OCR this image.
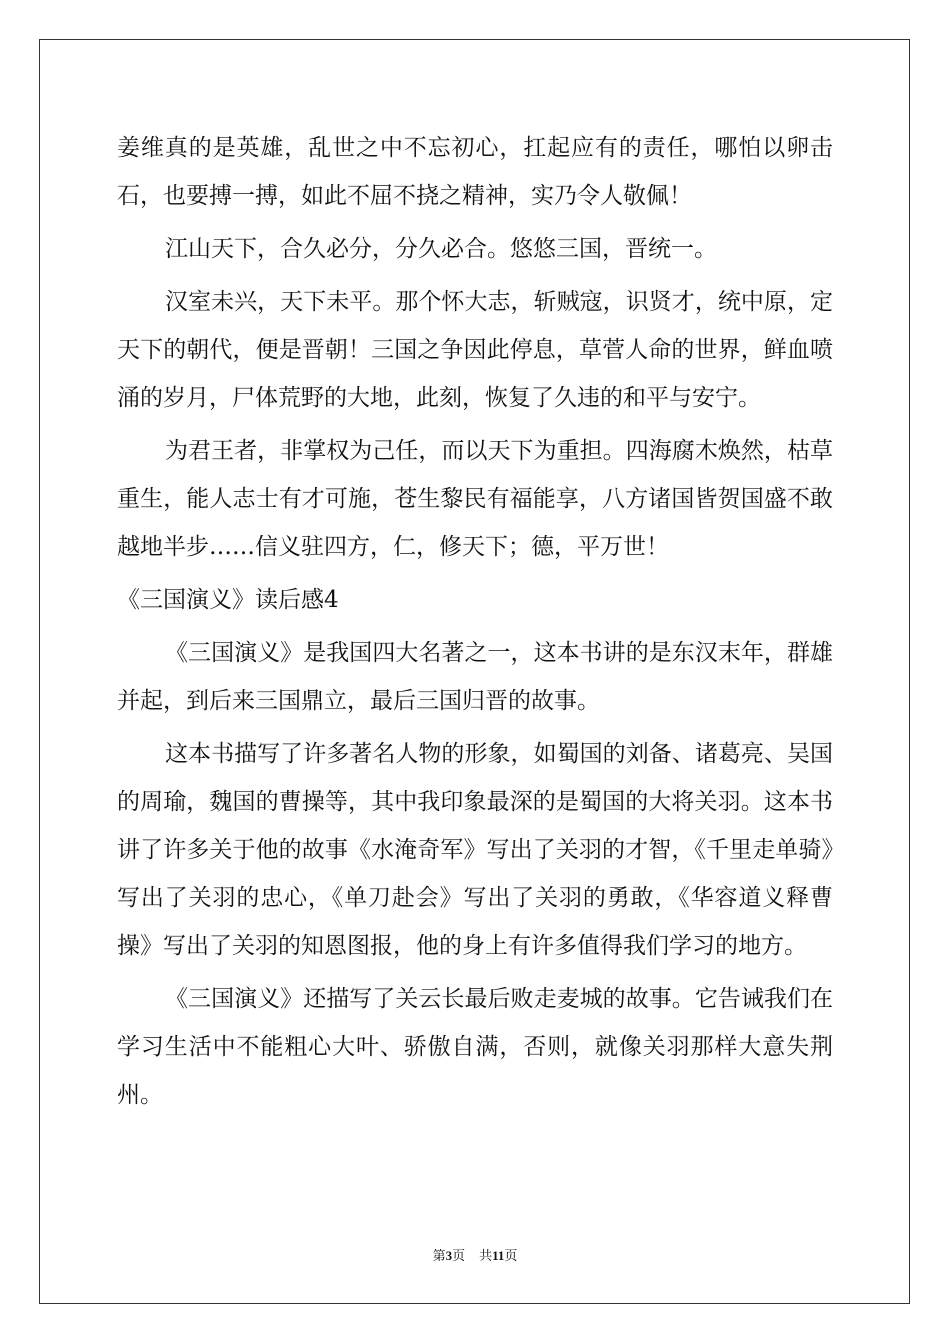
姜维真的是英雄，乱世之中不忘初心，扛起应有的责任，哪怕以卵击石，也要搏一搏，如此不屈不挠之精神，实乃令人敬佩！

江山天下，合久必分，分久必合。悠悠三国，晋统一。

汉室未兴，天下未平。那个怀大志，斩贼寇，识贤才，统中原，定天下的朝代，便是晋朝！三国之争因此停息，草菅人命的世界，鲜血喷涌的岁月，尸体荒野的大地，此刻，恢复了久违的和平与安宁。

为君王者，非掌权为己任，而以天下为重担。四海腐木焕然，枯草重生，能人志士有才可施，苍生黎民有福能享，八方诸国皆贺国盛不敢越地半步……信义驻四方，仁，修天下；德，平万世！

《三国演义》读后感4

《三国演义》是我国四大名著之一，这本书讲的是东汉末年，群雄并起，到后来三国鼎立，最后三国归晋的故事。

这本书描写了许多著名人物的形象，如蜀国的刘备、诸葛亮、吴国的周瑜，魏国的曹操等，其中我印象最深的是蜀国的大将关羽。这本书讲了许多关于他的故事《水淹奇军》写出了关羽的才智，《千里走单骑》写出了关羽的忠心，《单刀赴会》写出了关羽的勇敢，《华容道义释曹操》写出了关羽的知恩图报，他的身上有许多值得我们学习的地方。

《三国演义》还描写了关云长最后败走麦城的故事。它告诫我们在学习生活中不能粗心大叶、骄傲自满，否则，就像关羽那样大意失荆州。

第3页 共11页
